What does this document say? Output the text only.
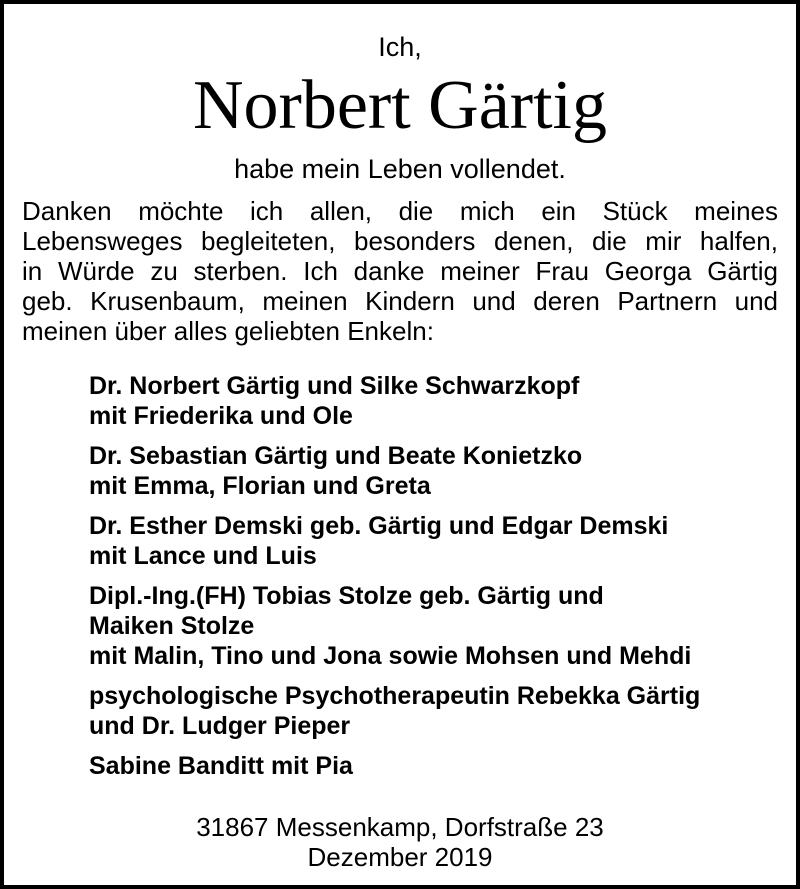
Ich,
Norbert Gärtig
habe mein Leben vollendet.
Danken möchte ich allen, die mich ein Stück meines
Lebensweges begleiteten, besonders denen, die mir halfen,
in Würde zu sterben. Ich danke meiner Frau Georga Gärtig
geb. Krusenbaum, meinen Kindern und deren Partnern und
meinen über alles geliebten Enkeln:
Dr. Norbert Gärtig und Silke Schwarzkopf
mit Friederika und Ole
Dr. Sebastian Gärtig und Beate Konietzko
mit Emma, Florian und Greta
Dr. Esther Demski geb. Gärtig und Edgar Demski
mit Lance und Luis
Dipl.-Ing.(FH) Tobias Stolze geb. Gärtig und
Maiken Stolze
mit Malin, Tino und Jona sowie Mohsen und Mehdi
psychologische Psychotherapeutin Rebekka Gärtig
und Dr. Ludger Pieper
Sabine Banditt mit Pia
31867 Messenkamp, Dorfstraße 23
Dezember 2019
